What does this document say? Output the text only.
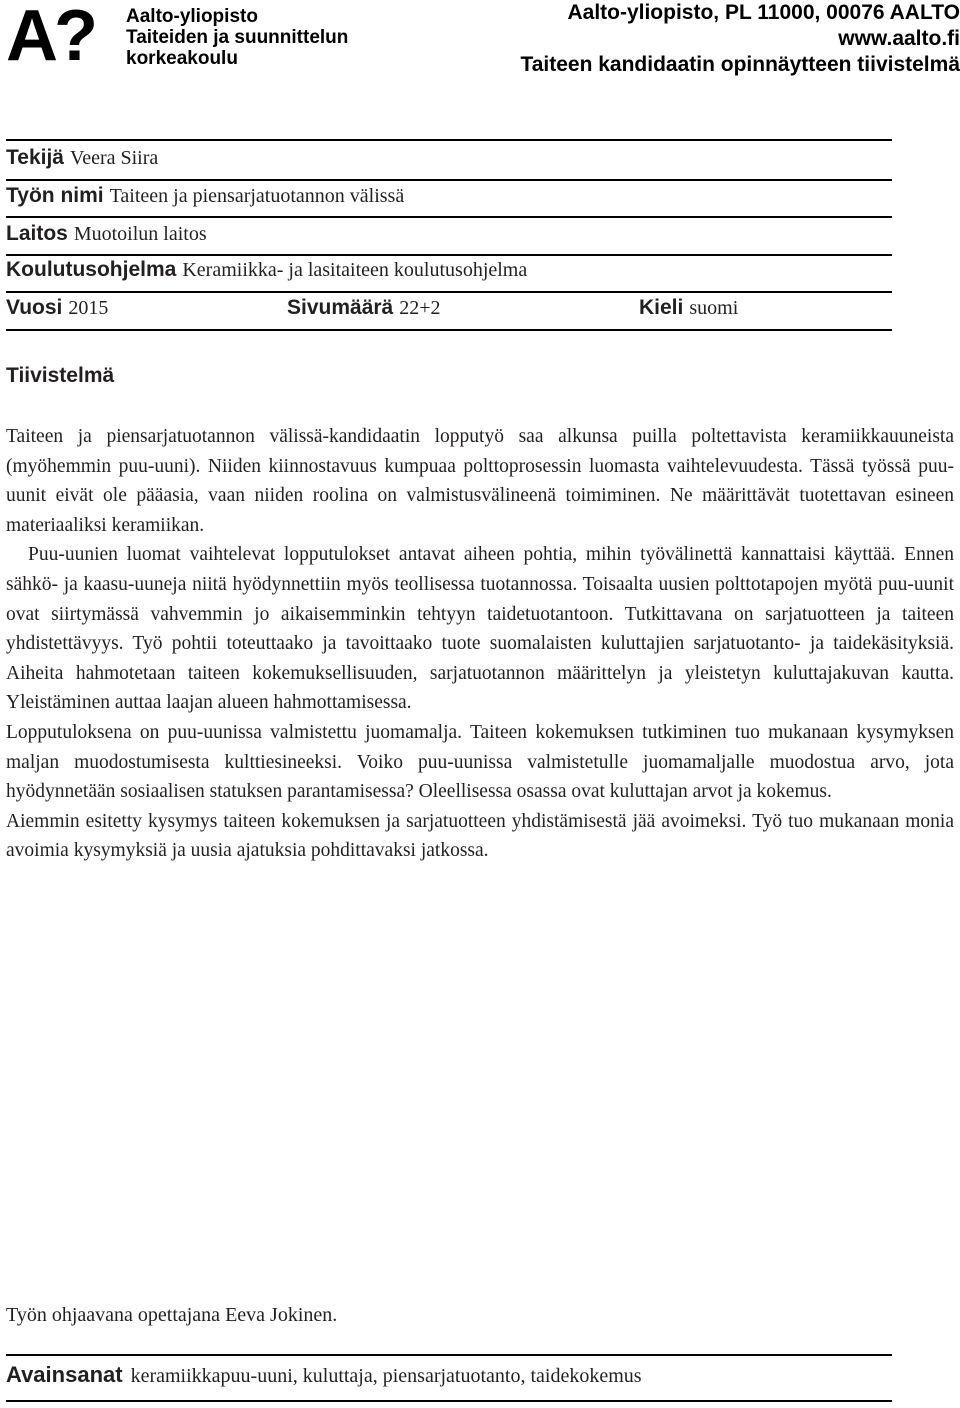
A? Aalto-yliopisto
Taiteiden ja suunnittelun
korkeakoulu
Aalto-yliopisto, PL 11000, 00076 AALTO
www.aalto.fi
Taiteen kandidaatin opinnäytteen tiivistelmä
Tekijä Veera Siira
Työn nimi Taiteen ja piensarjatuotannon välissä
Laitos Muotoilun laitos
Koulutusohjelma Keramiikka- ja lasitaiteen koulutusohjelma
Vuosi 2015	Sivumäärä 22+2	Kieli suomi
Tiivistelmä

Taiteen ja piensarjatuotannon välissä-kandidaatin lopputyö saa alkunsa puilla poltettavista keramiikkauuneista (myöhemmin puu-uuni). Niiden kiinnostavuus kumpuaa polttoprosessin luomasta vaihtelevuudesta. Tässä työssä puu-uunit eivät ole pääasia, vaan niiden roolina on valmistusvälineenä toimiminen. Ne määrittävät tuotettavan esineen materiaaliksi keramiikan.

Puu-uunien luomat vaihtelevat lopputulokset antavat aiheen pohtia, mihin työvälinettä kannattaisi käyttää. Ennen sähkö- ja kaasu-uuneja niitä hyödynnettiin myös teollisessa tuotannossa. Toisaalta uusien polttotapojen myötä puu-uunit ovat siirtymässä vahvemmin jo aikaisemminkin tehtyyn taidetuotantoon. Tutkittavana on sarjatuotteen ja taiteen yhdistettävyys. Työ pohtii toteuttaako ja tavoittaako tuote suomalaisten kuluttajien sarjatuotanto- ja taidekäsityksiä. Aiheita hahmotetaan taiteen kokemuksellisuuden, sarjatuotannon määrittelyn ja yleistetyn kuluttajakuvan kautta. Yleistäminen auttaa laajan alueen hahmottamisessa.

Lopputuloksena on puu-uunissa valmistettu juomamalja. Taiteen kokemuksen tutkiminen tuo mukanaan kysymyksen maljan muodostumisesta kulttiesineeksi. Voiko puu-uunissa valmistetulle juomamaljalle muodostua arvo, jota hyödynnetään sosiaalisen statuksen parantamisessa? Oleellisessa osassa ovat kuluttajan arvot ja kokemus.

Aiemmin esitetty kysymys taiteen kokemuksen ja sarjatuotteen yhdistämisestä jää avoimeksi. Työ tuo mukanaan monia avoimia kysymyksiä ja uusia ajatuksia pohdittavaksi jatkossa.

Työn ohjaavana opettajana Eeva Jokinen.
Avainsanat keramiikkapuu-uuni, kuluttaja, piensarjatuotanto, taidekokemus
